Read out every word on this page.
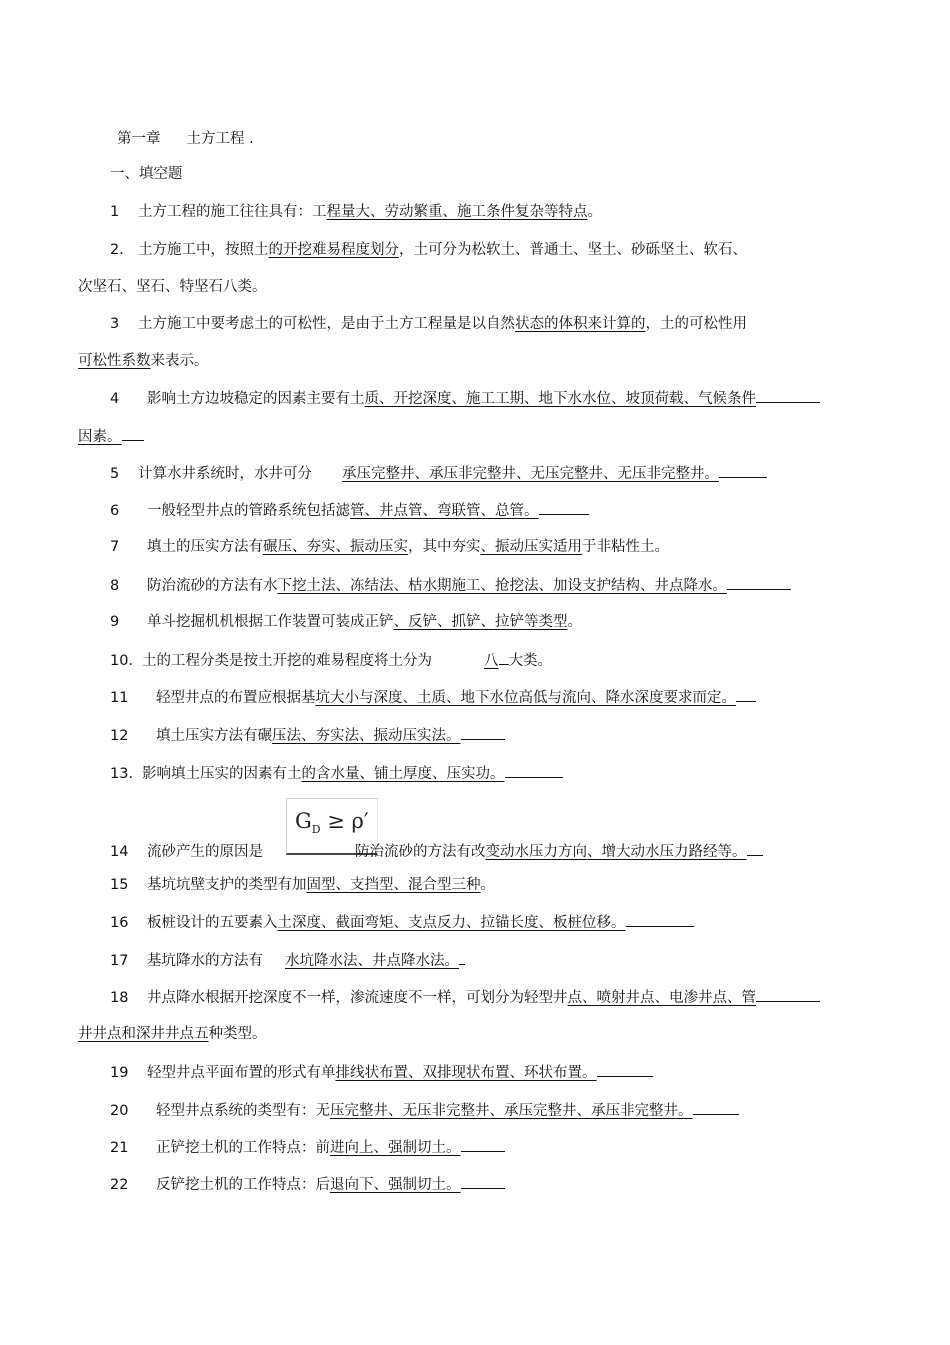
第一章 土方工程 .
一、填空题
1 土方工程的施工往往具有：工程量大、劳动繁重、施工条件复杂等特点。
2． 土方施工中，按照土的开挖难易程度划分，土可分为松软土、普通土、坚土、砂砾坚土、软石、
次坚石、坚石、特坚石八类。
3 土方施工中要考虑土的可松性，是由于土方工程量是以自然状态的体积来计算的，土的可松性用
可松性系数来表示。
4 影响土方边坡稳定的因素主要有土质、开挖深度、施工工期、地下水水位、坡顶荷载、气候条件
因素。
5 计算水井系统时，水井可分 承压完整井、承压非完整井、无压完整井、无压非完整井。
6 一般轻型井点的管路系统包括滤管、井点管、弯联管、总管。
7 填土的压实方法有碾压、夯实、振动压实，其中夯实、振动压实适用于非粘性土。
8 防治流砂的方法有水下挖土法、冻结法、枯水期施工、抢挖法、加设支护结构、井点降水。
9 单斗挖掘机机根据工作装置可装成正铲、反铲、抓铲、拉铲等类型。
10．土的工程分类是按土开挖的难易程度将土分为	八 大类。
11 轻型井点的布置应根据基坑大小与深度、土质、地下水位高低与流向、降水深度要求而定。
12 填土压实方法有碾压法、夯实法、振动压实法。
13．影响填土压实的因素有土的含水量、铺土厚度、压实功。
$G_D \ge \rho'$
14 流砂产生的原因是	防治流砂的方法有改变动水压力方向、增大动水压力路经等。
15 基坑坑壁支护的类型有加固型、支挡型、混合型三种。
16 板桩设计的五要素入土深度、截面弯矩、支点反力、拉锚长度、板桩位移。
17 基坑降水的方法有 水坑降水法、井点降水法。
18 井点降水根据开挖深度不一样，渗流速度不一样，可划分为轻型井点、喷射井点、电渗井点、管
井井点和深井井点五种类型。
19 轻型井点平面布置的形式有单排线状布置、双排现状布置、环状布置。
20 轻型井点系统的类型有：无压完整井、无压非完整井、承压完整井、承压非完整井。
21 正铲挖土机的工作特点：前进向上、强制切土。
22 反铲挖土机的工作特点：后退向下、强制切土。
